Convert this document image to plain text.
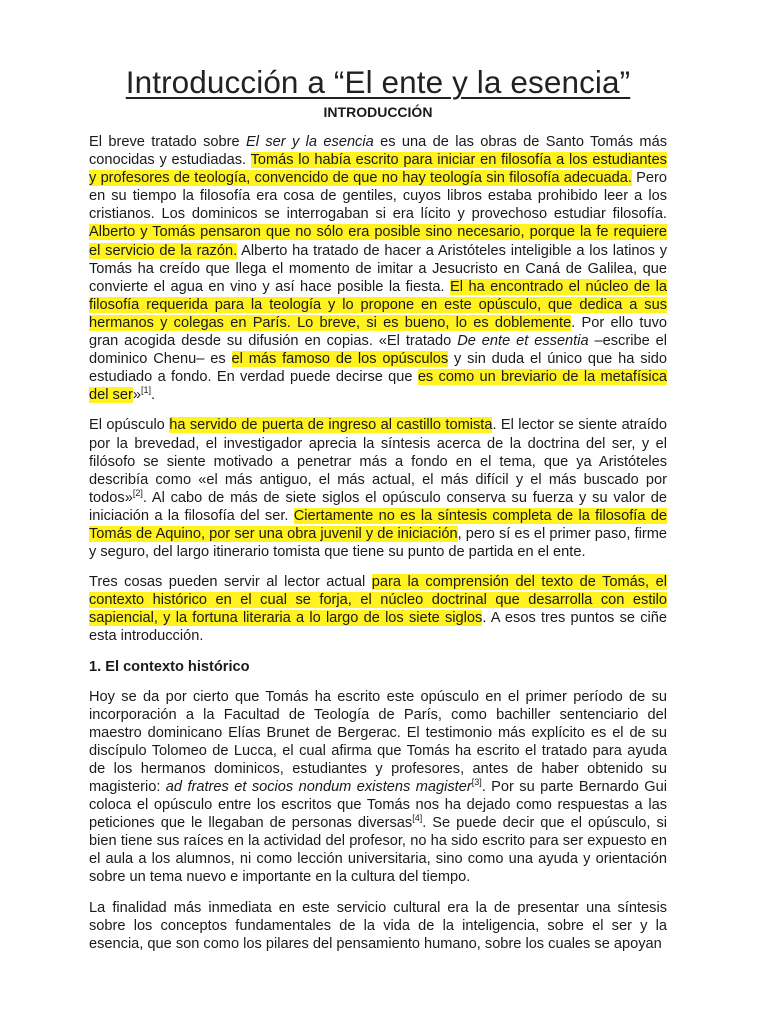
Introducción a “El ente y la esencia”
INTRODUCCIÓN

El breve tratado sobre El ser y la esencia es una de las obras de Santo Tomás más conocidas y estudiadas. Tomás lo había escrito para iniciar en filosofía a los estudiantes y profesores de teología, convencido de que no hay teología sin filosofía adecuada. Pero en su tiempo la filosofía era cosa de gentiles, cuyos libros estaba prohibido leer a los cristianos. Los dominicos se interrogaban si era lícito y provechoso estudiar filosofía. Alberto y Tomás pensaron que no sólo era posible sino necesario, porque la fe requiere el servicio de la razón. Alberto ha tratado de hacer a Aristóteles inteligible a los latinos y Tomás ha creído que llega el momento de imitar a Jesucristo en Caná de Galilea, que convierte el agua en vino y así hace posible la fiesta. El ha encontrado el núcleo de la filosofía requerida para la teología y lo propone en este opúsculo, que dedica a sus hermanos y colegas en París. Lo breve, si es bueno, lo es doblemente. Por ello tuvo gran acogida desde su difusión en copias. «El tratado De ente et essentia –escribe el dominico Chenu– es el más famoso de los opúsculos y sin duda el único que ha sido estudiado a fondo. En verdad puede decirse que es como un breviario de la metafísica del ser»[1].

El opúsculo ha servido de puerta de ingreso al castillo tomista. El lector se siente atraído por la brevedad, el investigador aprecia la síntesis acerca de la doctrina del ser, y el filósofo se siente motivado a penetrar más a fondo en el tema, que ya Aristóteles describía como «el más antiguo, el más actual, el más difícil y el más buscado por todos»[2]. Al cabo de más de siete siglos el opúsculo conserva su fuerza y su valor de iniciación a la filosofía del ser. Ciertamente no es la síntesis completa de la filosofía de Tomás de Aquino, por ser una obra juvenil y de iniciación, pero sí es el primer paso, firme y seguro, del largo itinerario tomista que tiene su punto de partida en el ente.

Tres cosas pueden servir al lector actual para la comprensión del texto de Tomás, el contexto histórico en el cual se forja, el núcleo doctrinal que desarrolla con estilo sapiencial, y la fortuna literaria a lo largo de los siete siglos. A esos tres puntos se ciñe esta introducción.

1. El contexto histórico

Hoy se da por cierto que Tomás ha escrito este opúsculo en el primer período de su incorporación a la Facultad de Teología de París, como bachiller sentenciario del maestro dominicano Elías Brunet de Bergerac. El testimonio más explícito es el de su discípulo Tolomeo de Lucca, el cual afirma que Tomás ha escrito el tratado para ayuda de los hermanos dominicos, estudiantes y profesores, antes de haber obtenido su magisterio: ad fratres et socios nondum existens magister[3]. Por su parte Bernardo Gui coloca el opúsculo entre los escritos que Tomás nos ha dejado como respuestas a las peticiones que le llegaban de personas diversas[4]. Se puede decir que el opúsculo, si bien tiene sus raíces en la actividad del profesor, no ha sido escrito para ser expuesto en el aula a los alumnos, ni como lección universitaria, sino como una ayuda y orientación sobre un tema nuevo e importante en la cultura del tiempo.

La finalidad más inmediata en este servicio cultural era la de presentar una síntesis sobre los conceptos fundamentales de la vida de la inteligencia, sobre el ser y la esencia, que son como los pilares del pensamiento humano, sobre los cuales se apoyan
